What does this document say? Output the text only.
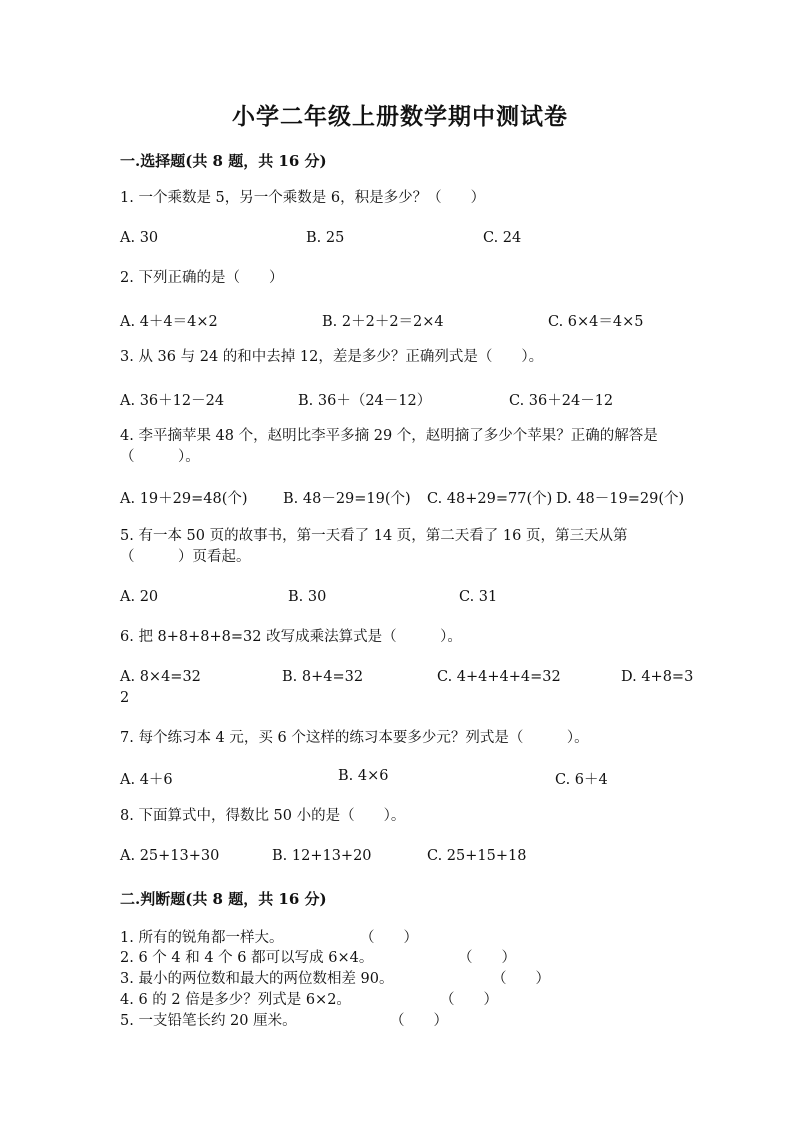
小学二年级上册数学期中测试卷
一.选择题(共 8 题，共 16 分)
1. 一个乘数是 5，另一个乘数是 6，积是多少？（　　）
A. 30	B. 25	C. 24
2. 下列正确的是（　　）
A. 4＋4＝4×2	B. 2＋2＋2＝2×4	C. 6×4＝4×5
3. 从 36 与 24 的和中去掉 12，差是多少？正确列式是（　　）。
A. 36＋12－24	B. 36＋（24－12）	C. 36＋24－12
4. 李平摘苹果 48 个，赵明比李平多摘 29 个，赵明摘了多少个苹果？正确的解答是 （　　　）。
A. 19＋29=48(个) B. 48－29=19(个) C. 48+29=77(个) D. 48－19=29(个)
5. 有一本 50 页的故事书，第一天看了 14 页，第二天看了 16 页，第三天从第（　　　）页看起。
A. 20	B. 30	C. 31
6. 把 8+8+8+8=32 改写成乘法算式是（　　　）。
A. 8×4=32	B. 8+4=32	C. 4+4+4+4=32	D. 4+8=3
2
7. 每个练习本 4 元，买 6 个这样的练习本要多少元？列式是（　　　）。
A. 4＋6	B. 4×6	C. 6＋4
8. 下面算式中，得数比 50 小的是（　　）。
A. 25+13+30	B. 12+13+20	C. 25+15+18
二.判断题(共 8 题，共 16 分)
1. 所有的锐角都一样大。	（　　）
2. 6 个 4 和 4 个 6 都可以写成 6×4。	（　　）
3. 最小的两位数和最大的两位数相差 90。	（　　）
4. 6 的 2 倍是多少？列式是 6×2。	（　　）
5. 一支铅笔长约 20 厘米。	（　　）
